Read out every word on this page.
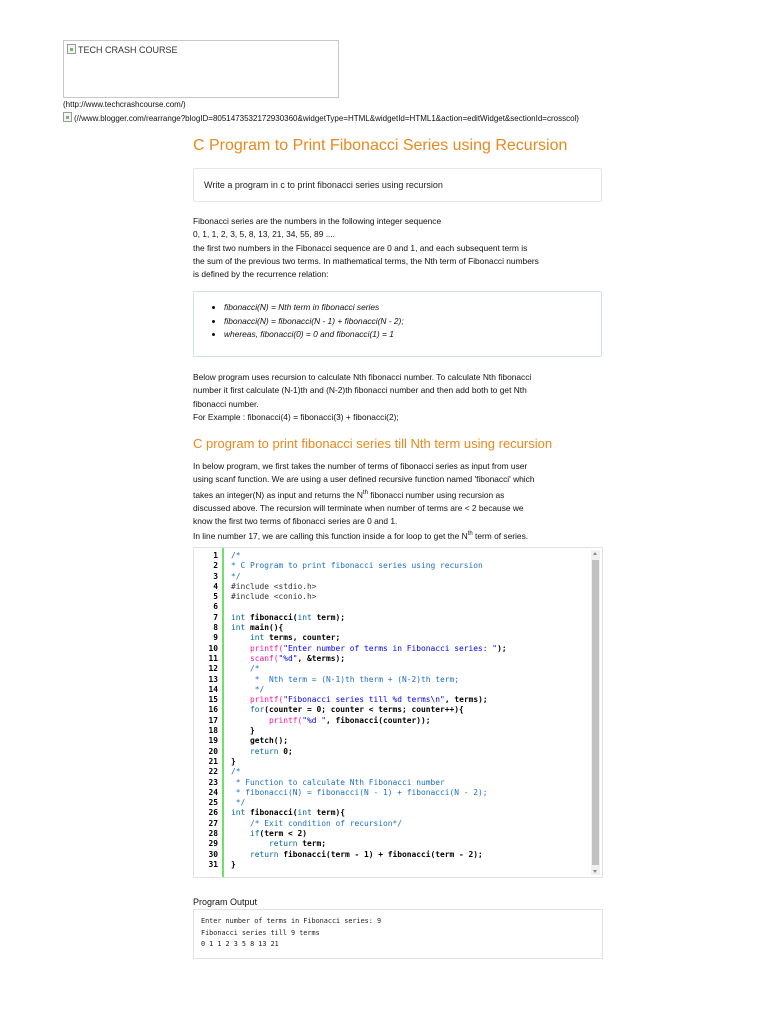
TECH CRASH COURSE
(http://www.techcrashcourse.com/)
(//www.blogger.com/rearrange?blogID=8051473532172930360&widgetType=HTML&widgetId=HTML1&action=editWidget&sectionId=crosscol)
C Program to Print Fibonacci Series using Recursion
Write a program in c to print fibonacci series using recursion
Fibonacci series are the numbers in the following integer sequence
0, 1, 1, 2, 3, 5, 8, 13, 21, 34, 55, 89 ....
the first two numbers in the Fibonacci sequence are 0 and 1, and each subsequent term is
the sum of the previous two terms. In mathematical terms, the Nth term of Fibonacci numbers
is defined by the recurrence relation:
• fibonacci(N) = Nth term in fibonacci series
• fibonacci(N) = fibonacci(N - 1) + fibonacci(N - 2);
• whereas, fibonacci(0) = 0 and fibonacci(1) = 1
Below program uses recursion to calculate Nth fibonacci number. To calculate Nth fibonacci
number it first calculate (N-1)th and (N-2)th fibonacci number and then add both to get Nth
fibonacci number.
For Example : fibonacci(4) = fibonacci(3) + fibonacci(2);
C program to print fibonacci series till Nth term using recursion
In below program, we first takes the number of terms of fibonacci series as input from user
using scanf function. We are using a user defined recursive function named 'fibonacci' which
takes an integer(N) as input and returns the $N^{th}$ fibonacci number using recursion as
discussed above. The recursion will terminate when number of terms are < 2 because we
know the first two terms of fibonacci series are 0 and 1.
In line number 17, we are calling this function inside a for loop to get the $N^{th}$ term of series.
1
2
3
4
5
6
7
8
9
10
11
12
13
14
15
16
17
18
19
20
21
22
23
24
25
26
27
28
29
30
31
/*
* C Program to print fibonacci series using recursion
*/
#include <stdio.h>
#include <conio.h>

int fibonacci(int term);
int main(){
int terms, counter;
printf("Enter number of terms in Fibonacci series: ");
scanf("%d", &terms);
/*
*  Nth term = (N-1)th therm + (N-2)th term;
*/
printf("Fibonacci series till %d terms\n", terms);
for(counter = 0; counter < terms; counter++){
printf("%d ", fibonacci(counter));
}
getch();
return 0;
}
/*
* Function to calculate Nth Fibonacci number
* fibonacci(N) = fibonacci(N - 1) + fibonacci(N - 2);
*/
int fibonacci(int term){
/* Exit condition of recursion*/
if(term < 2)
return term;
return fibonacci(term - 1) + fibonacci(term - 2);
}
Program Output
Enter number of terms in Fibonacci series: 9
Fibonacci series till 9 terms
0 1 1 2 3 5 8 13 21
